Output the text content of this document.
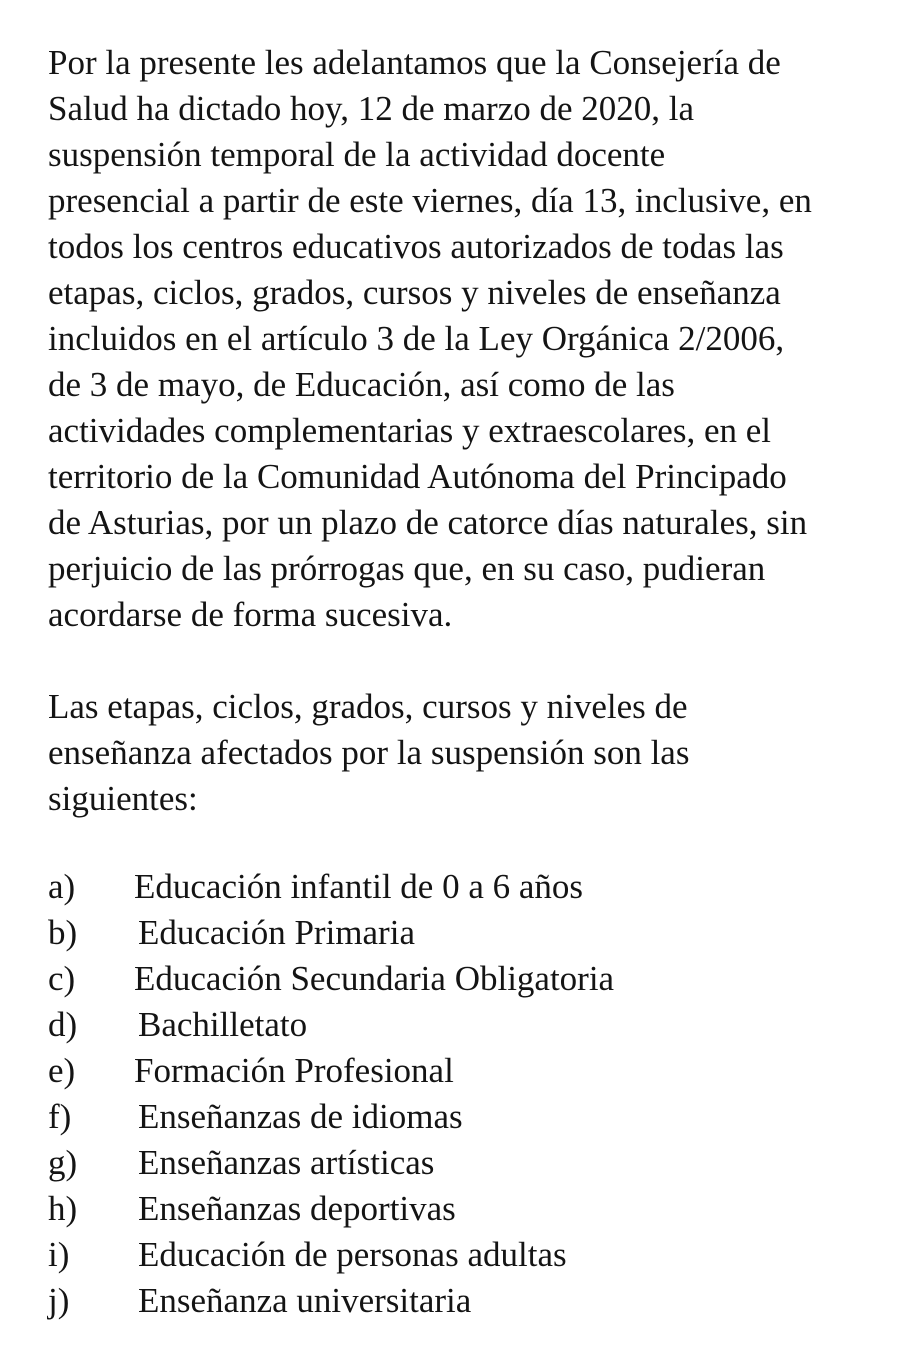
Por la presente les adelantamos que la Consejería de
Salud ha dictado hoy, 12 de marzo de 2020, la
suspensión temporal de la actividad docente
presencial a partir de este viernes, día 13, inclusive, en
todos los centros educativos autorizados de todas las
etapas, ciclos, grados, cursos y niveles de enseñanza
incluidos en el artículo 3 de la Ley Orgánica 2/2006,
de 3 de mayo, de Educación, así como de las
actividades complementarias y extraescolares, en el
territorio de la Comunidad Autónoma del Principado
de Asturias, por un plazo de catorce días naturales, sin
perjuicio de las prórrogas que, en su caso, pudieran
acordarse de forma sucesiva.

Las etapas, ciclos, grados, cursos y niveles de
enseñanza afectados por la suspensión son las
siguientes:

a) Educación infantil de 0 a 6 años
b) Educación Primaria
c) Educación Secundaria Obligatoria
d) Bachilletato
e) Formación Profesional
f) Enseñanzas de idiomas
g) Enseñanzas artísticas
h) Enseñanzas deportivas
i) Educación de personas adultas
j) Enseñanza universitaria
